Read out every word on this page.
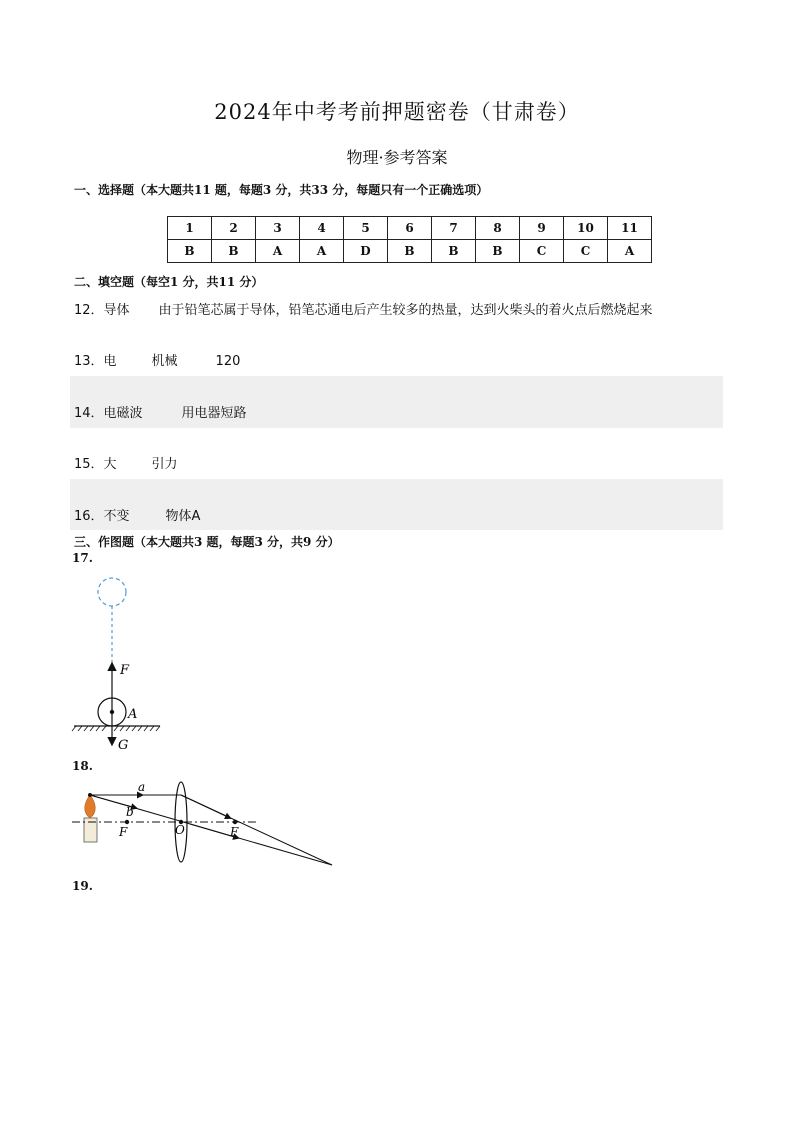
2024年中考考前押题密卷（甘肃卷）
物理·参考答案
一、选择题（本大题共11 题，每题3 分，共33 分，每题只有一个正确选项）
1	2	3	4	5	6	7	8	9	10	11
B	B	A	A	D	B	B	B	C	C	A
二、填空题（每空1 分，共11 分）
12．导体 由于铅笔芯属于导体，铅笔芯通电后产生较多的热量，达到火柴头的着火点后燃烧起来
13．电	机械	120
14．电磁波	用电器短路
15．大	引力
16．不变	物体A
三、作图题（本大题共3 题，每题3 分，共9 分）
17.
F
A
G
18.
a
b
F	O	F
19.
